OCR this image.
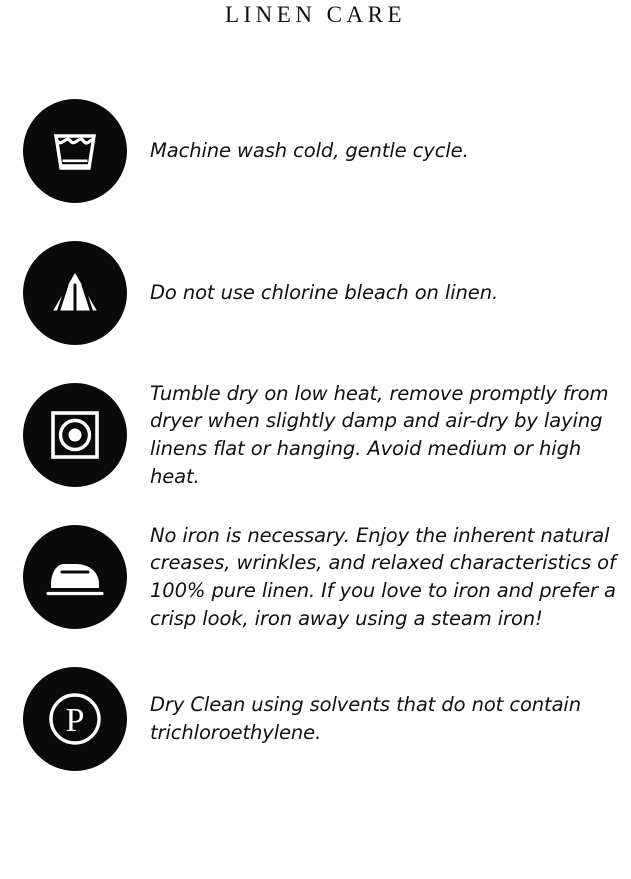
LINEN CARE
Machine wash cold, gentle cycle.
Do not use chlorine bleach on linen.
Tumble dry on low heat, remove promptly from dryer when slightly damp and air-dry by laying linens flat or hanging. Avoid medium or high heat.
No iron is necessary. Enjoy the inherent natural creases, wrinkles, and relaxed characteristics of 100% pure linen. If you love to iron and prefer a crisp look, iron away using a steam iron!
P	Dry Clean using solvents that do not contain trichloroethylene.
